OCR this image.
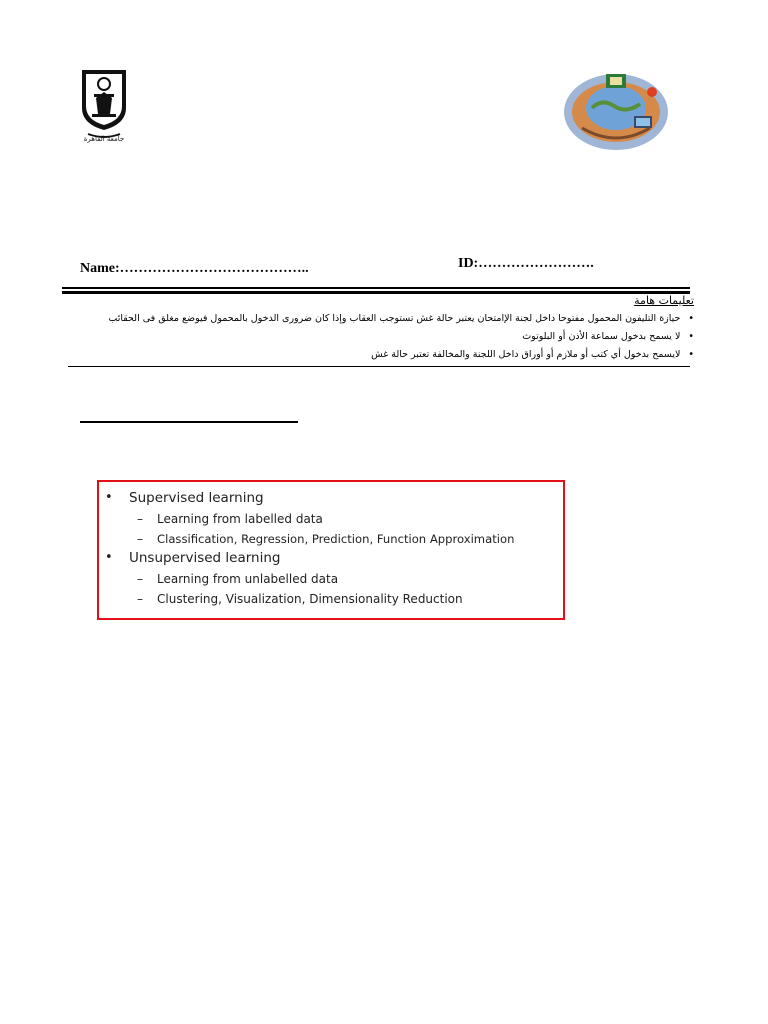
جامعة القاهرة
Name:…………………………………..	ID:…………………….
تعليمات هامة
• حيازة التليفون المحمول مفتوحا داخل لجنة الإامتحان يعتبر حالة غش تستوجب العقاب وإذا كان ضرورى الدخول بالمحمول فيوضع مغلق فى الحقائب
• لا يسمح بدخول سماعة الأذن أو البلوتوث
• لايسمح بدخول أي كتب أو ملازم أو أوراق داخل اللجنة والمخالفة تعتبر حالة غش
• Supervised learning
– Learning from labelled data
– Classification, Regression, Prediction, Function Approximation
• Unsupervised learning
– Learning from unlabelled data
– Clustering, Visualization, Dimensionality Reduction
